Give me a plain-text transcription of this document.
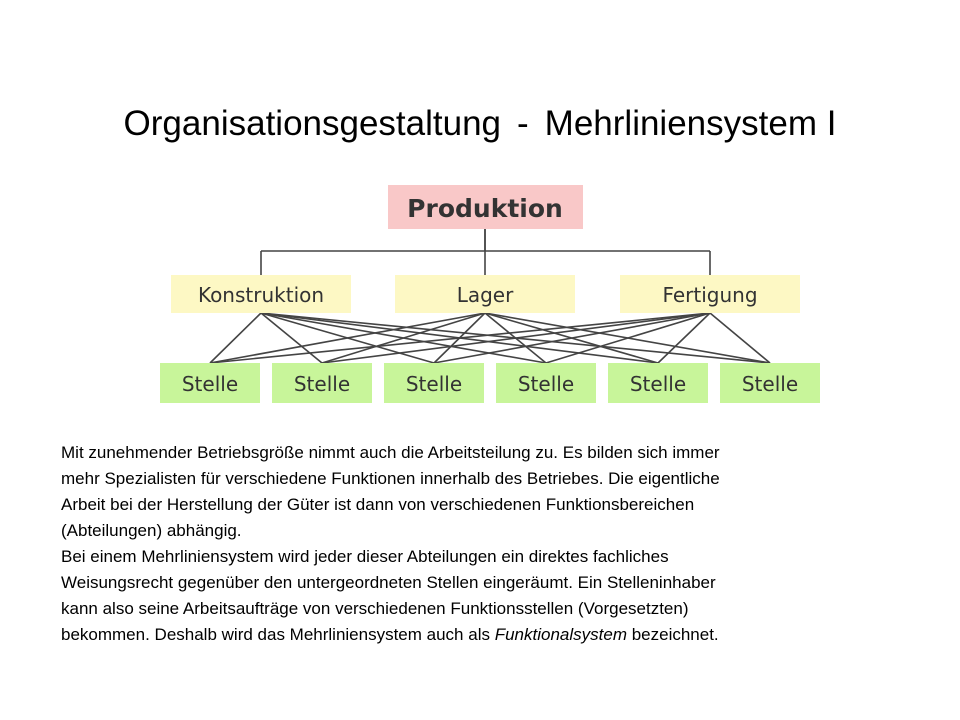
Organisationsgestaltung - Mehrliniensystem I
Produktion
Konstruktion	Lager	Fertigung
Stelle	Stelle	Stelle	Stelle	Stelle	Stelle
Mit zunehmender Betriebsgröße nimmt auch die Arbeitsteilung zu. Es bilden sich immer
mehr Spezialisten für verschiedene Funktionen innerhalb des Betriebes. Die eigentliche
Arbeit bei der Herstellung der Güter ist dann von verschiedenen Funktionsbereichen
(Abteilungen) abhängig.
Bei einem Mehrliniensystem wird jeder dieser Abteilungen ein direktes fachliches
Weisungsrecht gegenüber den untergeordneten Stellen eingeräumt. Ein Stelleninhaber
kann also seine Arbeitsaufträge von verschiedenen Funktionsstellen (Vorgesetzten)
bekommen. Deshalb wird das Mehrliniensystem auch als Funktionalsystem bezeichnet.
